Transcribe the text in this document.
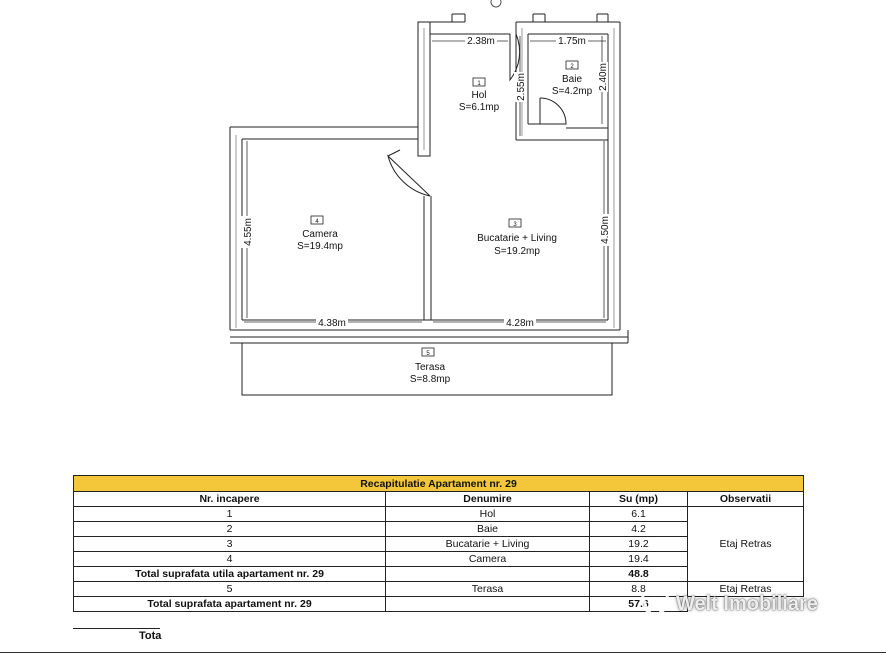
1
Hol
S=6.1mp
2
Baie
S=4.2mp
3
Bucatarie + Living
S=19.2mp
4
Camera
S=19.4mp
5
Terasa
S=8.8mp
2.38m	1.75m
2.55m	2.40m
4.55m	4.50m
4.38m	4.28m
Recapitulatie Apartament nr. 29			
Nr. incapere	Denumire	Su (mp)	Observatii
1	Hol	6.1	Etaj Retras
2	Baie	4.2	
3	Bucatarie + Living	19.2	
4	Camera	19.4	
Total suprafata utila apartament nr. 29		48.8	
5	Terasa	8.8	Etaj Retras
Total suprafata apartament nr. 29		57.6	
Tota
Welt Imobiliare
